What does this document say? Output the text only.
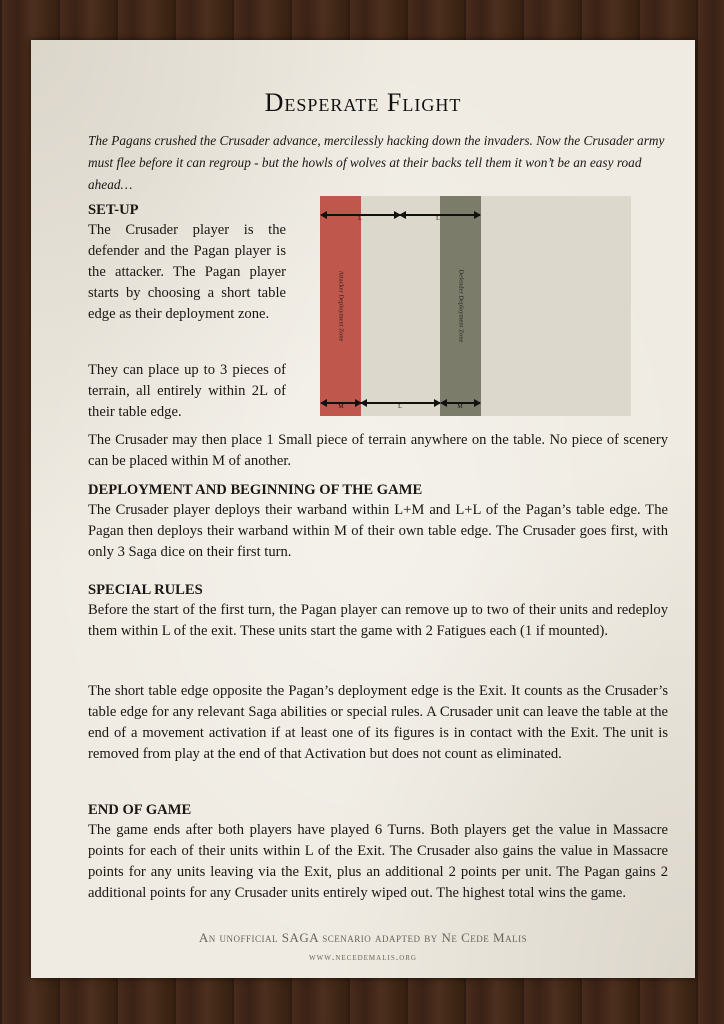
Desperate Flight
The Pagans crushed the Crusader advance, mercilessly hacking down the invaders. Now the Crusader army must flee before it can regroup - but the howls of wolves at their backs tell them it won’t be an easy road ahead…
SET-UP
The Crusader player is the defender and the Pagan player is the attacker. The Pagan player starts by choosing a short table edge as their deployment zone.
They can place up to 3 pieces of terrain, all entirely within 2L of their table edge.
Attacker Deployment Zone	Defender Deployment Zone
L	L
M	L	M
The Crusader may then place 1 Small piece of terrain anywhere on the table. No piece of scenery can be placed within M of another.
DEPLOYMENT AND BEGINNING OF THE GAME
The Crusader player deploys their warband within L+M and L+L of the Pagan’s table edge. The Pagan then deploys their warband within M of their own table edge. The Crusader goes first, with only 3 Saga dice on their first turn.
SPECIAL RULES
Before the start of the first turn, the Pagan player can remove up to two of their units and redeploy them within L of the exit. These units start the game with 2 Fatigues each (1 if mounted).
The short table edge opposite the Pagan’s deployment edge is the Exit. It counts as the Crusader’s table edge for any relevant Saga abilities or special rules. A Crusader unit can leave the table at the end of a movement activation if at least one of its figures is in contact with the Exit. The unit is removed from play at the end of that Activation but does not count as eliminated.
END OF GAME
The game ends after both players have played 6 Turns. Both players get the value in Massacre points for each of their units within L of the Exit. The Crusader also gains the value in Massacre points for any units leaving via the Exit, plus an additional 2 points per unit. The Pagan gains 2 additional points for any Crusader units entirely wiped out. The highest total wins the game.
An unofficial SAGA scenario adapted by Ne Cede Malis
www.necedemalis.org
